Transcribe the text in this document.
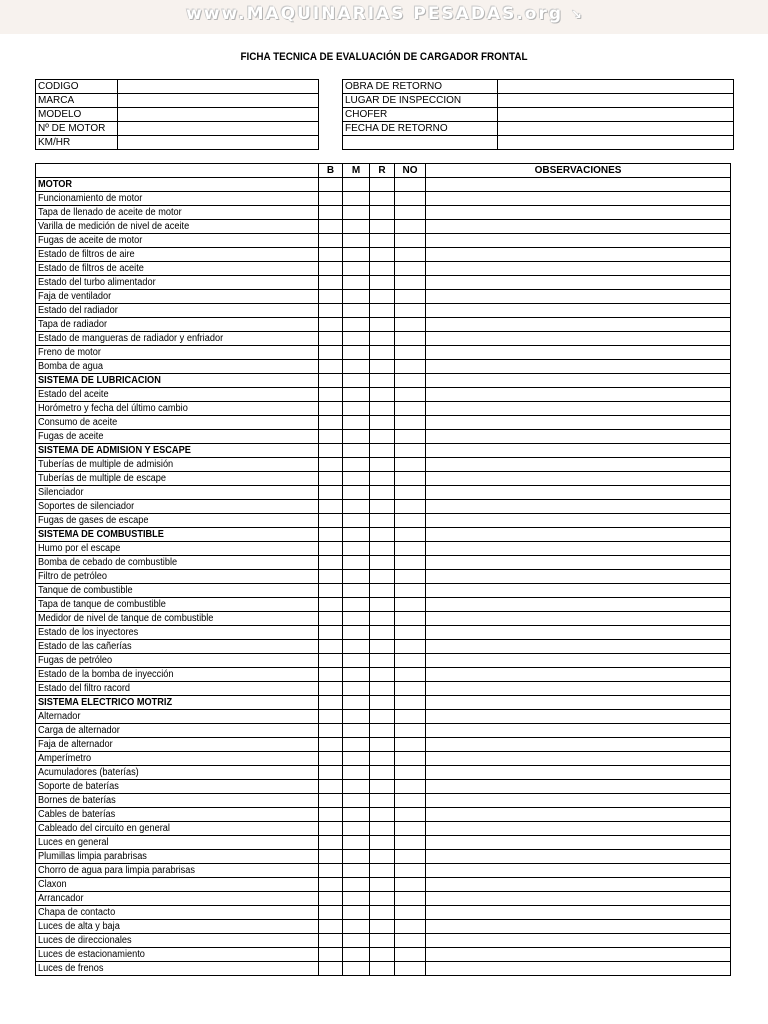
www.MAQUINARIAS PESADAS.org ↘
FICHA TECNICA DE EVALUACIÓN DE CARGADOR FRONTAL
CODIGO	
MARCA	
MODELO	
Nº DE MOTOR	
KM/HR	
OBRA DE RETORNO	
LUGAR DE INSPECCION	
CHOFER	
FECHA DE RETORNO	

	B	M	R	NO	OBSERVACIONES
MOTOR					
Funcionamiento de motor					
Tapa de llenado de aceite de motor					
Varilla de medición de nivel de aceite					
Fugas de aceite de motor					
Estado de filtros de aire					
Estado de filtros de aceite					
Estado del turbo alimentador					
Faja de ventilador					
Estado del radiador					
Tapa de radiador					
Estado de mangueras de radiador y enfriador					
Freno de motor					
Bomba de agua					
SISTEMA DE LUBRICACION					
Estado del aceite					
Horómetro y fecha del último cambio					
Consumo de aceite					
Fugas de aceite					
SISTEMA DE ADMISION Y ESCAPE					
Tuberías de multiple de admisión					
Tuberías de multiple de escape					
Silenciador					
Soportes de silenciador					
Fugas de gases de escape					
SISTEMA DE COMBUSTIBLE					
Humo por el escape					
Bomba de cebado de combustible					
Filtro de petróleo					
Tanque de combustible					
Tapa de tanque de combustible					
Medidor de nivel de tanque de combustible					
Estado de los inyectores					
Estado de las cañerías					
Fugas de petróleo					
Estado de la bomba de inyección					
Estado del filtro racord					
SISTEMA ELECTRICO MOTRIZ					
Alternador					
Carga de alternador					
Faja de alternador					
Amperímetro					
Acumuladores (baterías)					
Soporte de baterías					
Bornes de baterías					
Cables de baterías					
Cableado del circuito en general					
Luces en general					
Plumillas limpia parabrisas					
Chorro de agua para limpia parabrisas					
Claxon					
Arrancador					
Chapa de contacto					
Luces de alta y baja					
Luces de direccionales					
Luces de estacionamiento					
Luces de frenos					
